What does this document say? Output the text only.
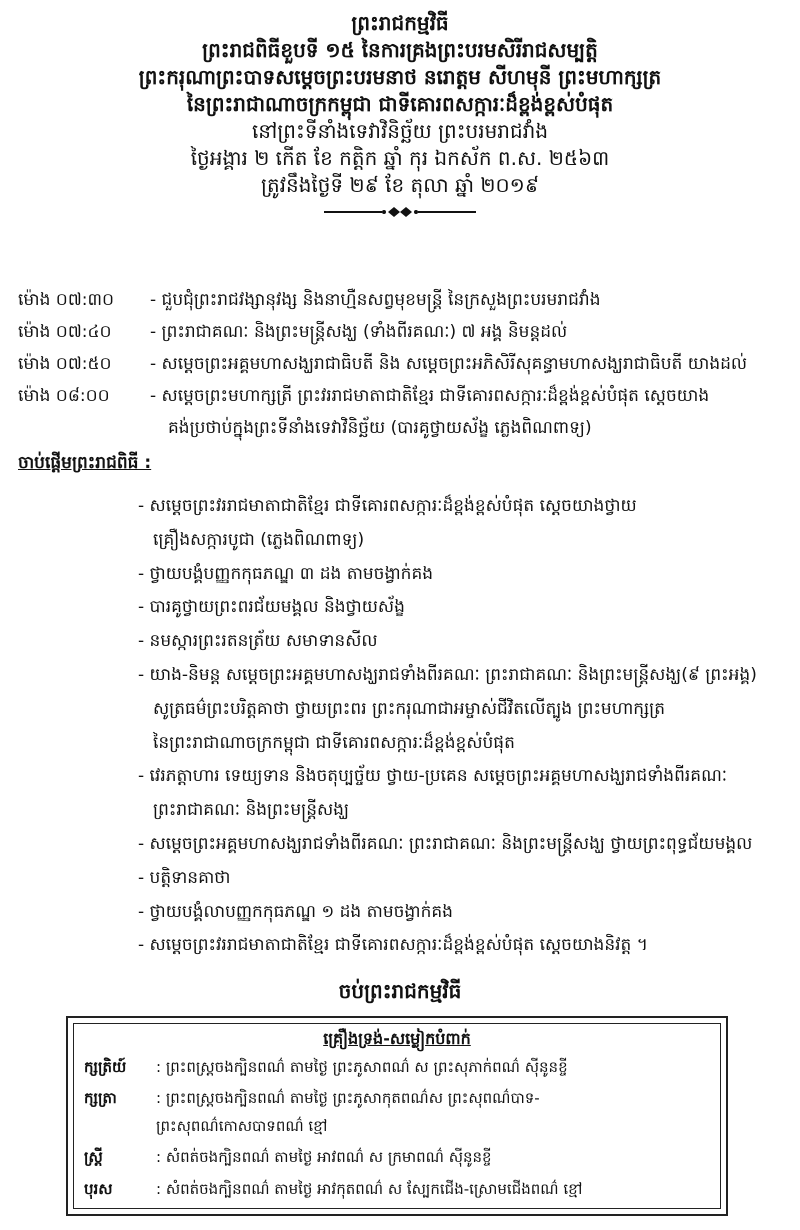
ព្រះរាជកម្មវិធី
ព្រះរាជពិធីខួបទី ១៥ នៃការគ្រងព្រះបរមសិរីរាជសម្បត្តិ
ព្រះករុណាព្រះបាទសម្ដេចព្រះបរមនាថ នរោត្តម សីហមុនី ព្រះមហាក្សត្រ
នៃព្រះរាជាណាចក្រកម្ពុជា ជាទីគោរពសក្ការៈដ៏ខ្ពង់ខ្ពស់បំផុត
នៅព្រះទីនាំងទេវាវិនិច្ឆ័យ ព្រះបរមរាជវាំង
ថ្ងៃអង្គារ ២ កើត ខែ កត្តិក ឆ្នាំ កុរ ឯកស័ក ព.ស. ២៥៦៣
ត្រូវនឹងថ្ងៃទី ២៩ ខែ តុលា ឆ្នាំ ២០១៩
ម៉ោង ០៧:៣០ - ជួបជុំព្រះរាជវង្សានុវង្ស និងនាហ្មឺនសព្វមុខមន្ត្រី នៃក្រសួងព្រះបរមរាជវាំង
ម៉ោង ០៧:៤០ - ព្រះរាជាគណៈ និងព្រះមន្ត្រីសង្ឃ (ទាំងពីរគណៈ) ៧ អង្គ និមន្តដល់
ម៉ោង ០៧:៥០ - សម្ដេចព្រះអគ្គមហាសង្ឃរាជាធិបតី និង សម្ដេចព្រះអភិសិរីសុគន្ធាមហាសង្ឃរាជាធិបតី យាងដល់
ម៉ោង ០៨:០០ - សម្ដេចព្រះមហាក្សត្រី ព្រះវររាជមាតាជាតិខ្មែរ ជាទីគោរពសក្ការៈដ៏ខ្ពង់ខ្ពស់បំផុត ស្ដេចយាង
គង់ប្រថាប់ក្នុងព្រះទីនាំងទេវាវិនិច្ឆ័យ (បារគូថ្វាយស័ង្ខ ភ្លេងពិណពាទ្យ)
ចាប់ផ្ដើមព្រះរាជពិធី :
- សម្ដេចព្រះវររាជមាតាជាតិខ្មែរ ជាទីគោរពសក្ការៈដ៏ខ្ពង់ខ្ពស់បំផុត ស្ដេចយាងថ្វាយ
គ្រឿងសក្ការបូជា (ភ្លេងពិណពាទ្យ)
- ថ្វាយបង្គំបញ្ញកកុធភណ្ឌ ៣ ដង តាមចង្វាក់គង
- បារគូថ្វាយព្រះពរជ័យមង្គល និងថ្វាយស័ង្ខ
- នមស្ការព្រះរតនត្រ័យ សមាទានសីល
- យាង-និមន្ត សម្ដេចព្រះអគ្គមហាសង្ឃរាជទាំងពីរគណៈ ព្រះរាជាគណៈ និងព្រះមន្ត្រីសង្ឃ(៩ ព្រះអង្គ)
សូត្រធម៌ព្រះបរិត្តគាថា ថ្វាយព្រះពរ ព្រះករុណាជាអម្ចាស់ជីវិតលើត្បូង ព្រះមហាក្សត្រ
នៃព្រះរាជាណាចក្រកម្ពុជា ជាទីគោរពសក្ការៈដ៏ខ្ពង់ខ្ពស់បំផុត
- វេរភត្តាហារ ទេយ្យទាន និងចតុប្បច្ច័យ ថ្វាយ-ប្រគេន សម្ដេចព្រះអគ្គមហាសង្ឃរាជទាំងពីរគណៈ
ព្រះរាជាគណៈ និងព្រះមន្ត្រីសង្ឃ
- សម្ដេចព្រះអគ្គមហាសង្ឃរាជទាំងពីរគណៈ ព្រះរាជាគណៈ និងព្រះមន្ត្រីសង្ឃ ថ្វាយព្រះពុទ្ធជ័យមង្គល
- បត្តិទានគាថា
- ថ្វាយបង្គំលាបញ្ញកកុធភណ្ឌ ១ ដង តាមចង្វាក់គង
- សម្ដេចព្រះវររាជមាតាជាតិខ្មែរ ជាទីគោរពសក្ការៈដ៏ខ្ពង់ខ្ពស់បំផុត ស្ដេចយាងនិវត្ត ។
ចប់ព្រះរាជកម្មវិធី
គ្រឿងទ្រង់-សម្លៀកបំពាក់
ក្សត្រិយ៍ : ព្រះពស្ត្រចងក្បិនពណ៌ តាមថ្ងៃ ព្រះភូសាពណ៌ ស ព្រះសុភាក់ពណ៌ ស៊ីនូនខ្ចី
ក្សត្រា	: ព្រះពស្ត្រចងក្បិនពណ៌ តាមថ្ងៃ ព្រះភូសាកុតពណ៌ស ព្រះសុពណ៌បាទ-
ព្រះសុពណ៌កោសបាទពណ៌ ខ្មៅ
ស្ត្រី	: សំពត់ចងក្បិនពណ៌ តាមថ្ងៃ អាវពណ៌ ស ក្រមាពណ៌ ស៊ីនូនខ្ចី
បុរស	: សំពត់ចងក្បិនពណ៌ តាមថ្ងៃ អាវកុតពណ៌ ស ស្បែកជើង-ស្រោមជើងពណ៌ ខ្មៅ
